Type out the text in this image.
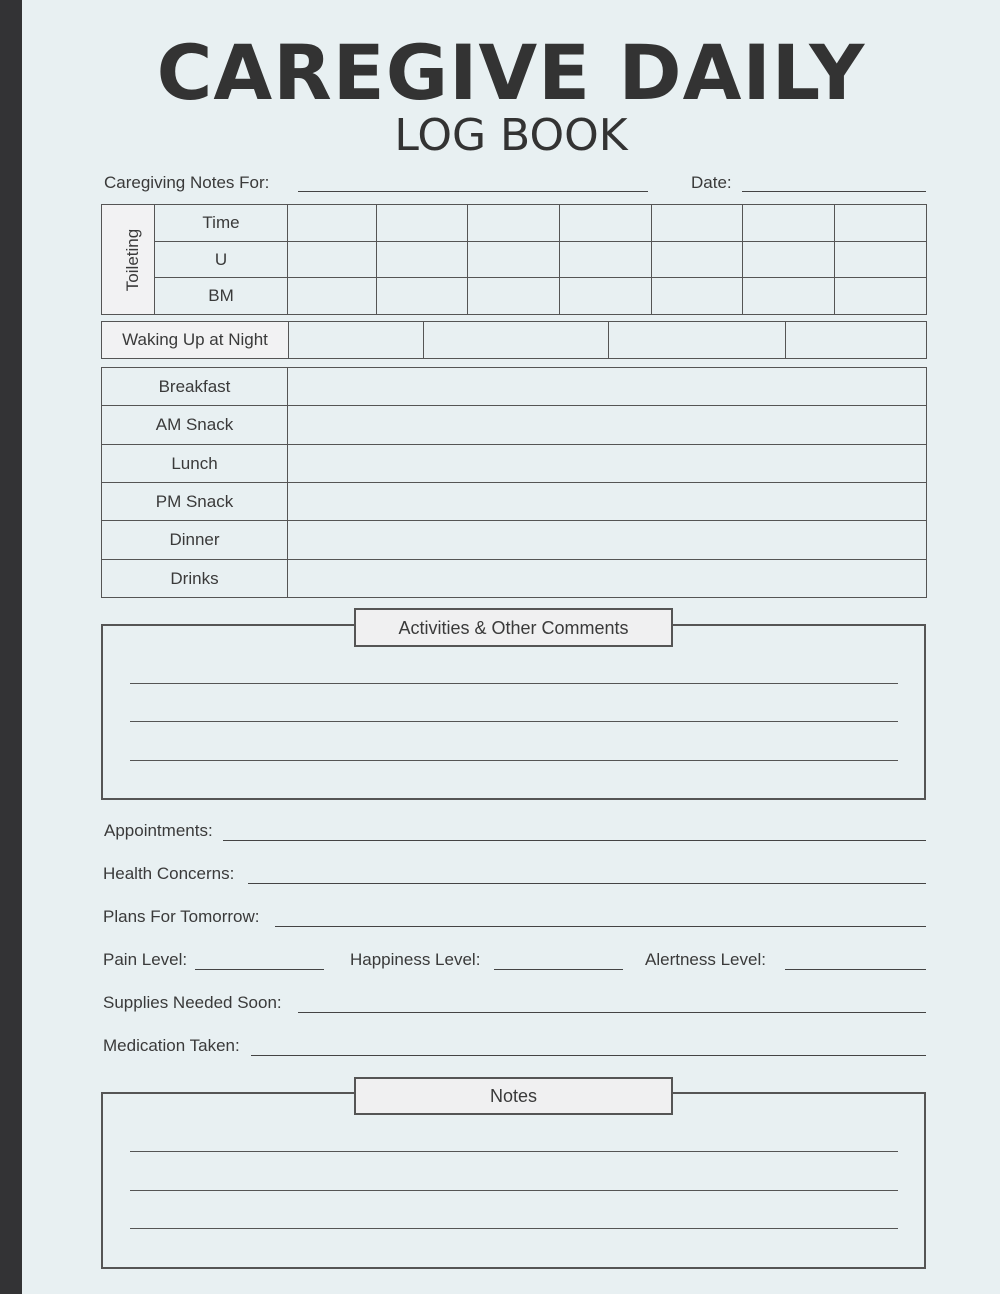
CAREGIVE DAILY
LOG BOOK
Caregiving Notes For:	Date:
Toileting	Time							
	U							
	BM							
Waking Up at Night				
Breakfast	
AM Snack	
Lunch	
PM Snack	
Dinner	
Drinks	
Activities & Other Comments
Appointments:
Health Concerns:
Plans For Tomorrow:
Pain Level:	Happiness Level:	Alertness Level:
Supplies Needed Soon:
Medication Taken:
Notes
